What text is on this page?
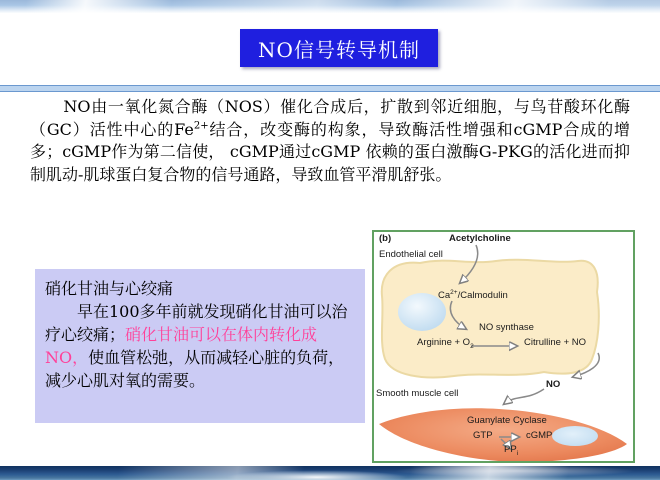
NO信号转导机制

　　NO由一氧化氮合酶（NOS）催化合成后，扩散到邻近细胞，与鸟苷酸环化酶（GC）活性中心的$Fe^{2+}$结合，改变酶的构象，导致酶活性增强和cGMP合成的增多；cGMP作为第二信使， cGMP通过cGMP 依赖的蛋白激酶G-PKG的活化进而抑制肌动-肌球蛋白复合物的信号通路，导致血管平滑肌舒张。

硝化甘油与心绞痛
　　早在100多年前就发现硝化甘油可以治疗心绞痛；硝化甘油可以在体内转化成NO，使血管松弛，从而减轻心脏的负荷，减少心肌对氧的需要。
(b)	Acetylcholine
Endothelial cell
$Ca^{2+}$/Calmodulin
NO synthase
Arginine + $O_2$	Citrulline + NO
NO
Smooth muscle cell
Guanylate Cyclase
GTP	cGMP
$PP_i$
